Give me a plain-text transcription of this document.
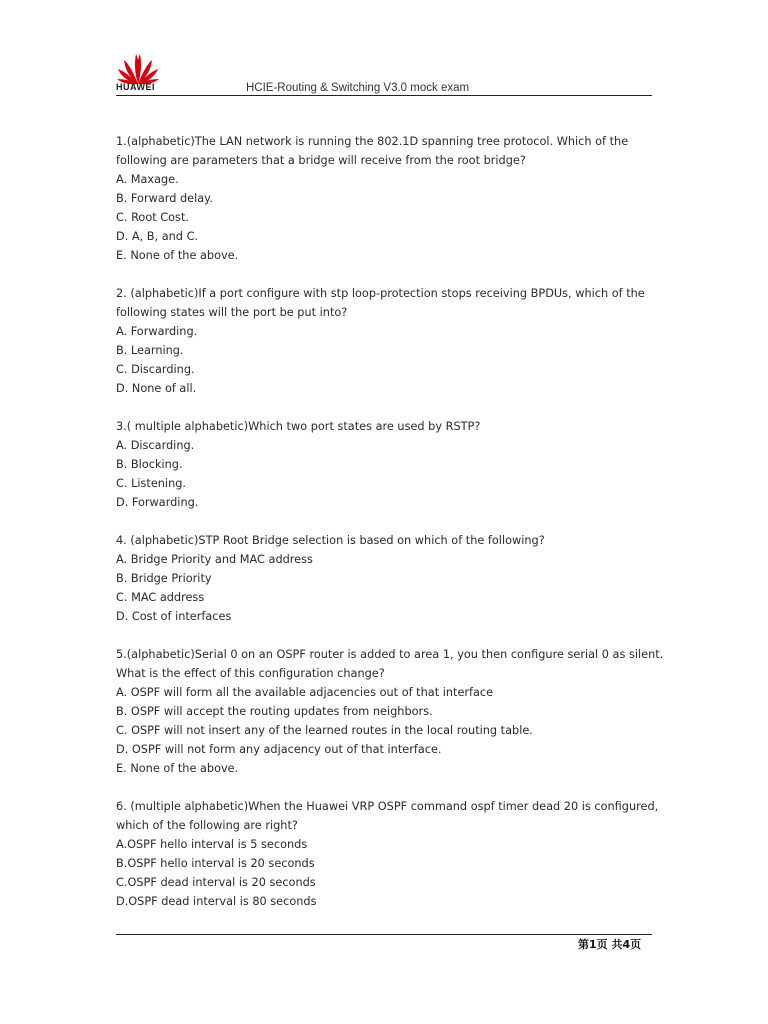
HUAWEI	HCIE-Routing & Switching V3.0 mock exam
1.(alphabetic)The LAN network is running the 802.1D spanning tree protocol. Which of the
following are parameters that a bridge will receive from the root bridge?
A. Maxage.
B. Forward delay.
C. Root Cost.
D. A, B, and C.
E. None of the above.
2. (alphabetic)If a port configure with stp loop-protection stops receiving BPDUs, which of the
following states will the port be put into?
A. Forwarding.
B. Learning.
C. Discarding.
D. None of all.
3.( multiple alphabetic)Which two port states are used by RSTP?
A. Discarding.
B. Blocking.
C. Listening.
D. Forwarding.
4. (alphabetic)STP Root Bridge selection is based on which of the following?
A. Bridge Priority and MAC address
B. Bridge Priority
C. MAC address
D. Cost of interfaces
5.(alphabetic)Serial 0 on an OSPF router is added to area 1, you then configure serial 0 as silent.
What is the effect of this configuration change?
A. OSPF will form all the available adjacencies out of that interface
B. OSPF will accept the routing updates from neighbors.
C. OSPF will not insert any of the learned routes in the local routing table.
D. OSPF will not form any adjacency out of that interface.
E. None of the above.
6. (multiple alphabetic)When the Huawei VRP OSPF command ospf timer dead 20 is configured,
which of the following are right?
A.OSPF hello interval is 5 seconds
B.OSPF hello interval is 20 seconds
C.OSPF dead interval is 20 seconds
D.OSPF dead interval is 80 seconds
第1页 共4页
